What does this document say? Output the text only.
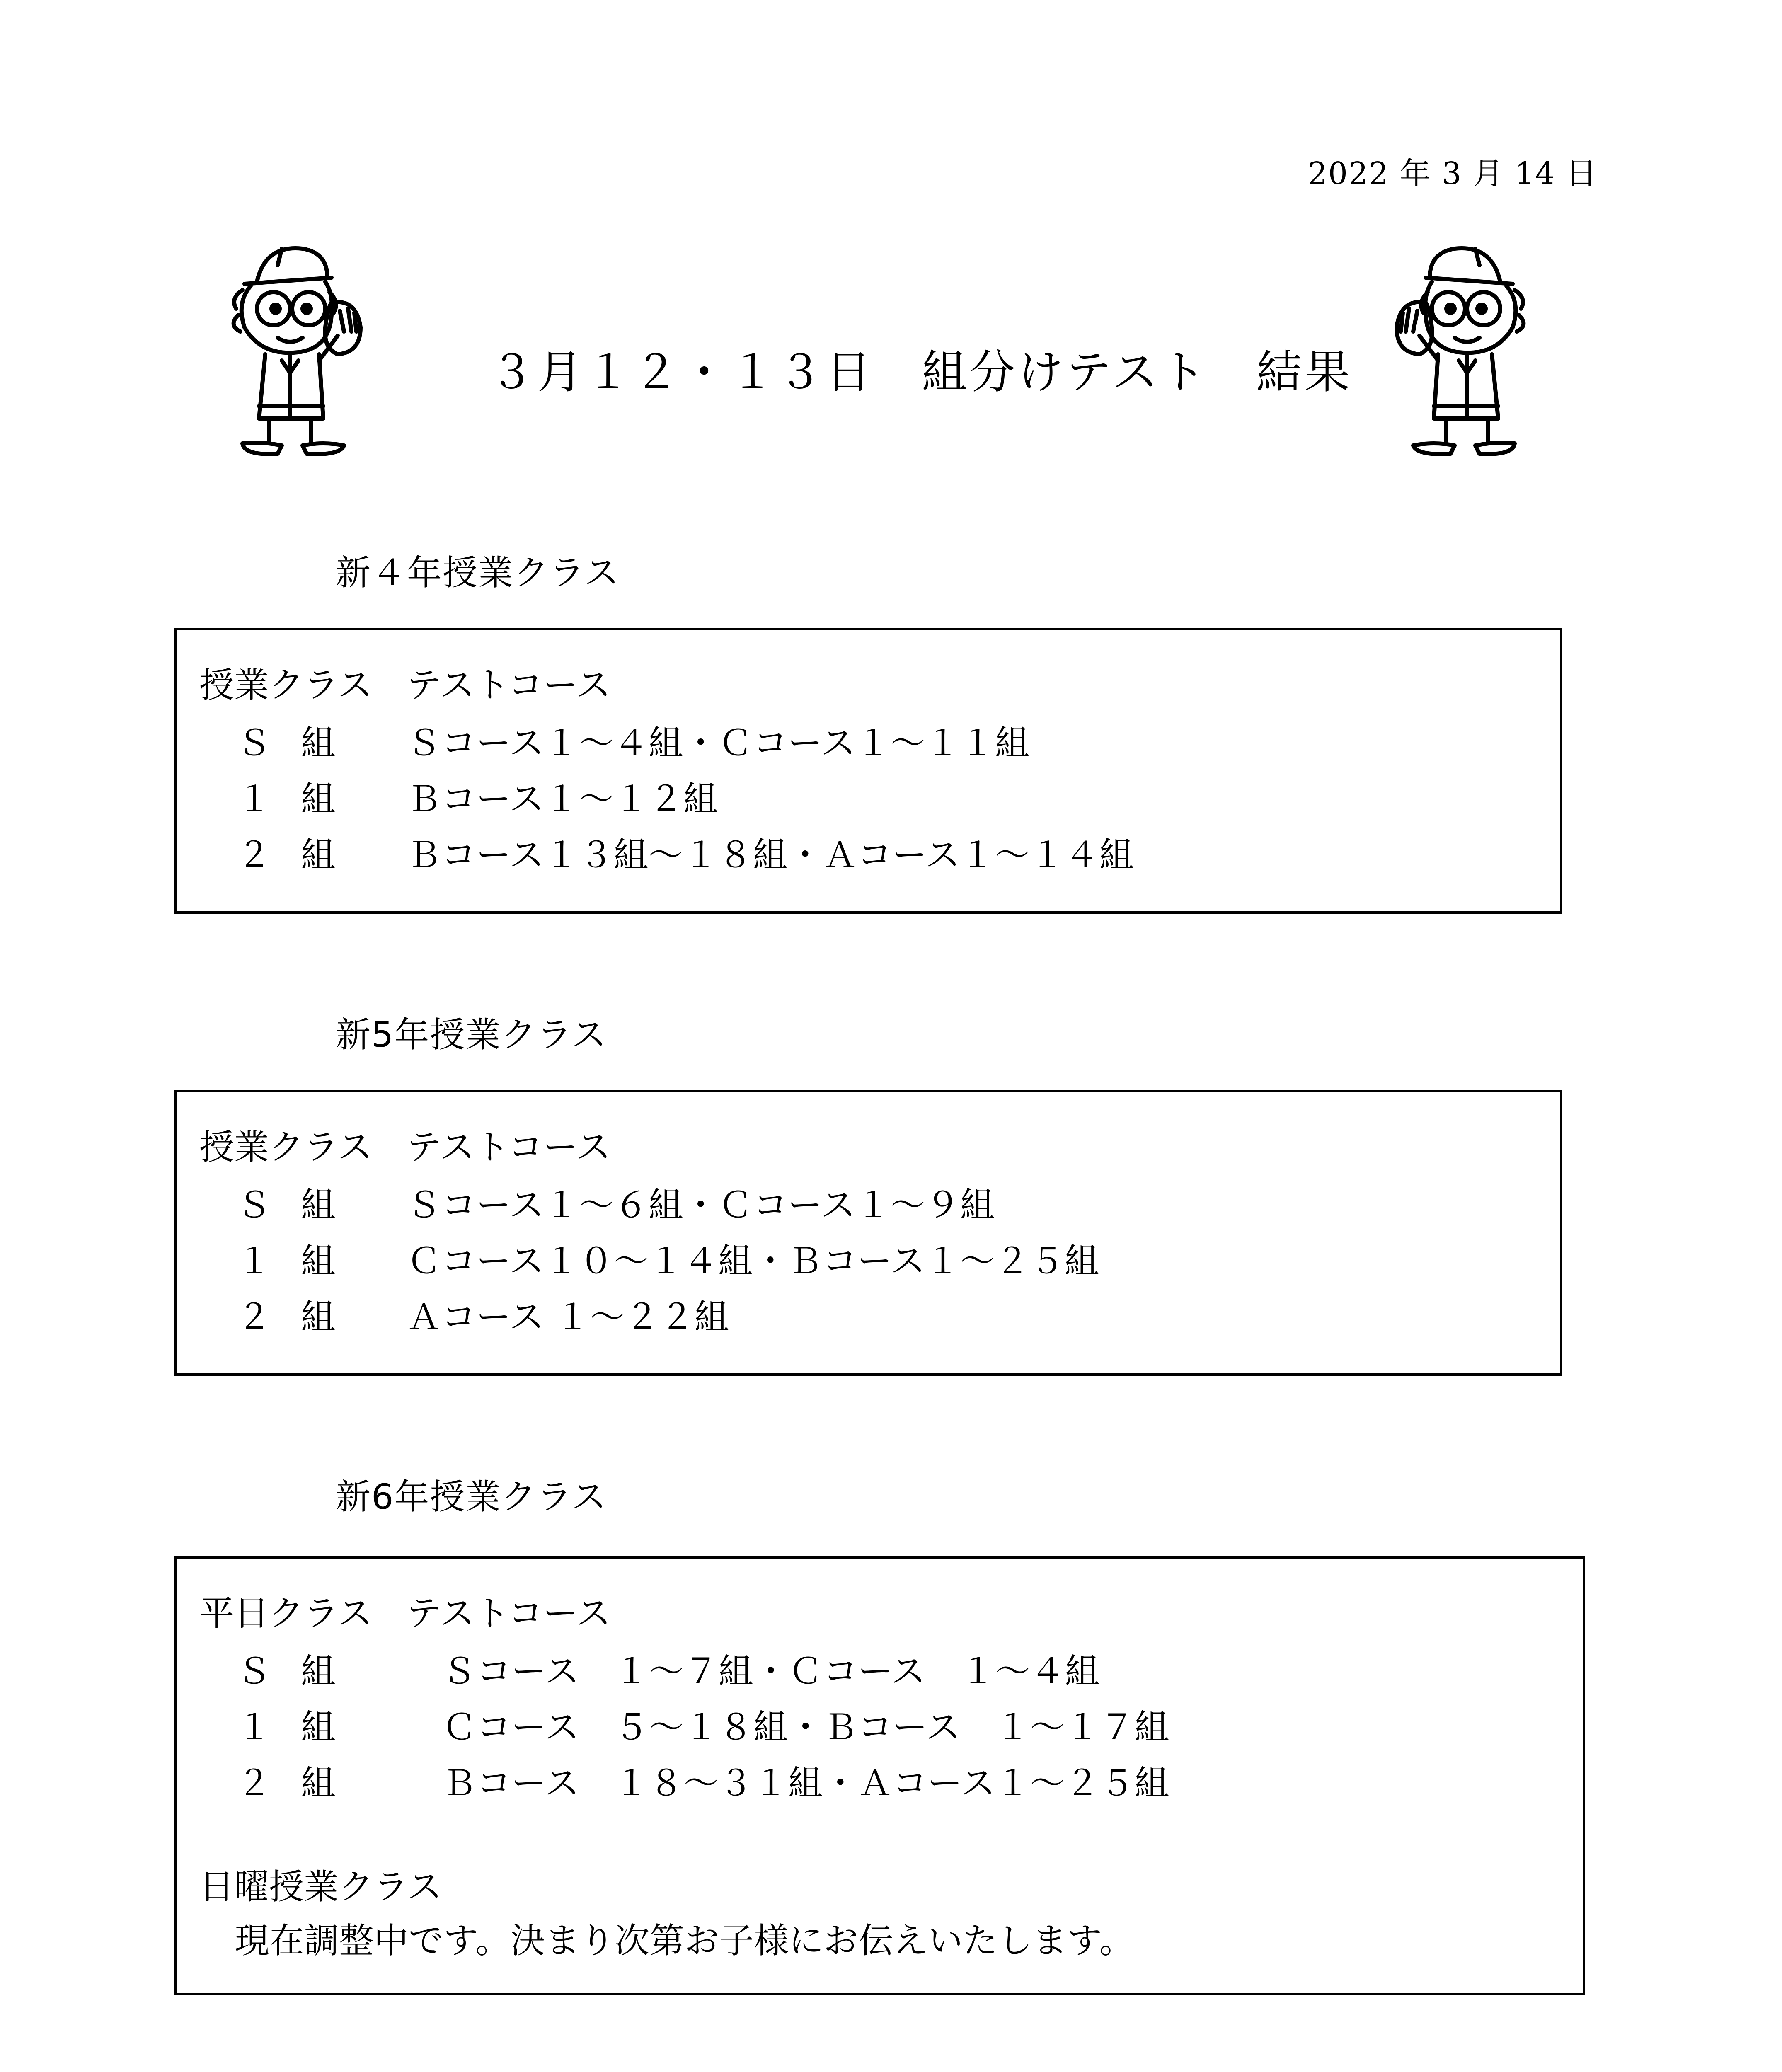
2022 年 3 月 14 日
３月１２・１３日　組分けテスト　結果
新４年授業クラス
授業クラス テストコース
Ｓ 組 Ｓコース１～４組・Ｃコース１～１１組
１ 組 Ｂコース１～１２組
２ 組 Ｂコース１３組～１８組・Ａコース１～１４組
新5年授業クラス
授業クラス テストコース
Ｓ 組 Ｓコース１～６組・Ｃコース１～９組
１ 組 Ｃコース１０～１４組・Ｂコース１～２５組
２ 組 Ａコース １～２２組
新6年授業クラス
平日クラス テストコース
Ｓ 組	Ｓコース　１～７組・Ｃコース　１～４組
１ 組	Ｃコース　５～１８組・Ｂコース　１～１７組
２ 組	Ｂコース　１８～３１組・Ａコース１～２５組
日曜授業クラス
現在調整中です。決まり次第お子様にお伝えいたします。
